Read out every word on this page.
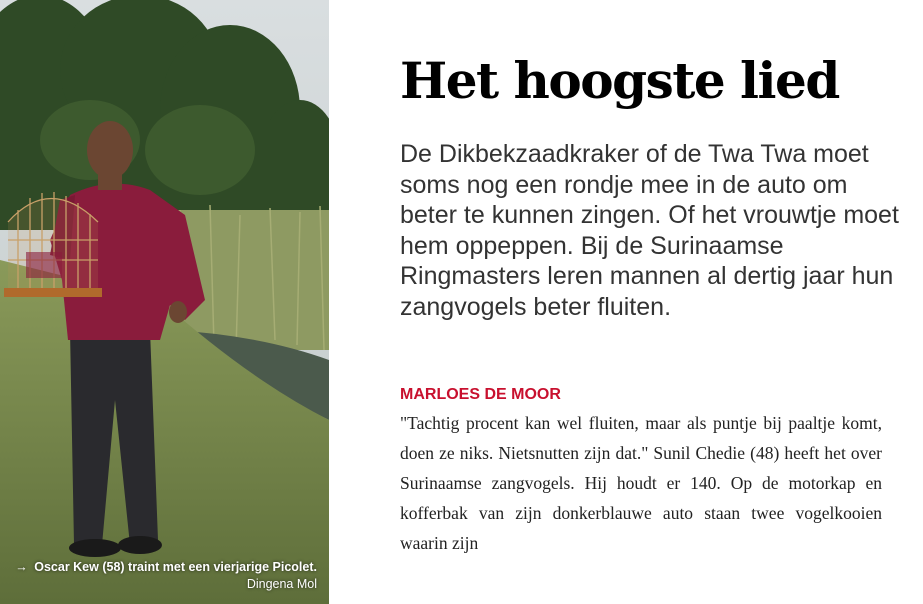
→ Oscar Kew (58) traint met een vierjarige Picolet. Dingena Mol
Het hoogste lied

De Dikbekzaadkraker of de Twa Twa moet soms nog een rondje mee in de auto om beter te kunnen zingen. Of het vrouwtje moet hem oppeppen. Bij de Surinaamse Ringmasters leren mannen al dertig jaar hun zangvogels beter fluiten.

MARLOES DE MOOR

"Tachtig procent kan wel fluiten, maar als puntje bij paaltje komt, doen ze niks. Nietsnutten zijn dat." Sunil Chedie (48) heeft het over Surinaamse zangvogels. Hij houdt er 140. Op de motorkap en kofferbak van zijn donkerblauwe auto staan twee vogelkooien waarin zijn
